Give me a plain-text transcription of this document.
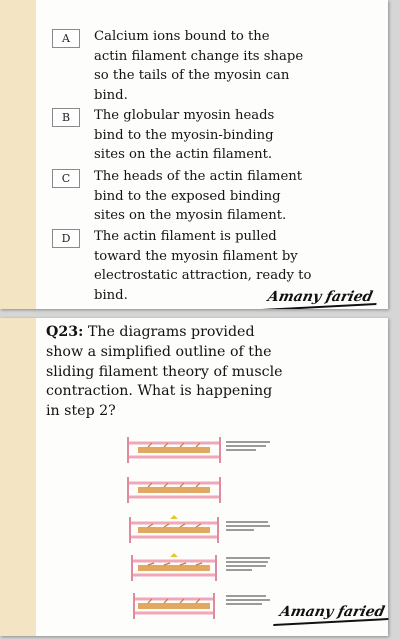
A	Calcium ions bound to the
actin filament change its shape
so the tails of the myosin can
bind.
B	The globular myosin heads
bind to the myosin-binding
sites on the actin filament.
C	The heads of the actin filament
bind to the exposed binding
sites on the myosin filament.
D	The actin filament is pulled
toward the myosin filament by
electrostatic attraction, ready to
bind.	Amany faried
Q23: The diagrams provided
show a simplified outline of the
sliding filament theory of muscle
contraction. What is happening
in step 2?
Amany faried
